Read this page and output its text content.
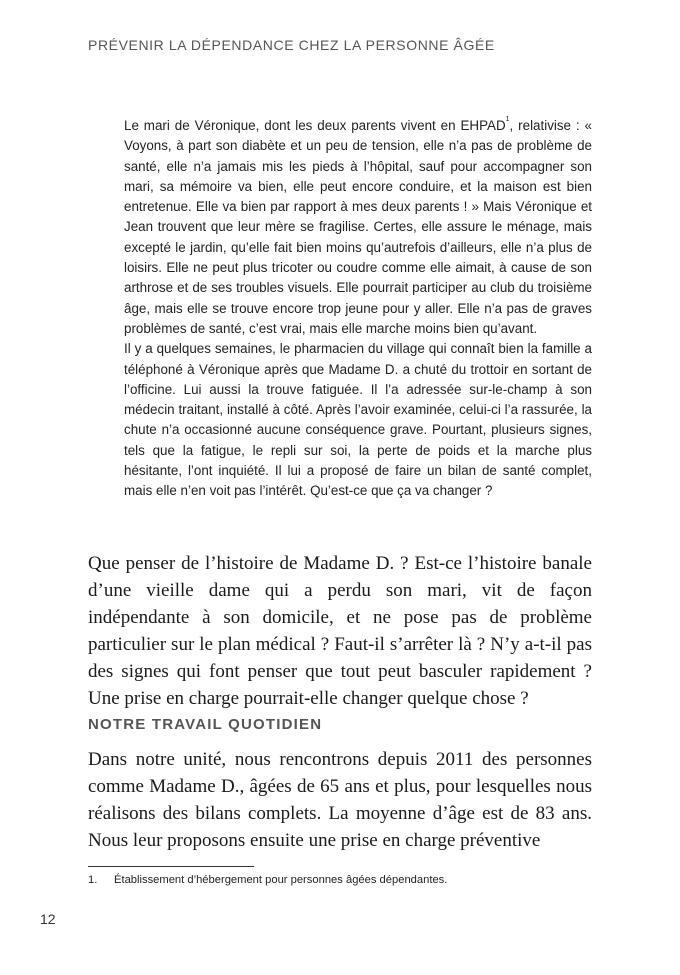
PRÉVENIR LA DÉPENDANCE CHEZ LA PERSONNE ÂGÉE

Le mari de Véronique, dont les deux parents vivent en EHPAD$^1$, relativise : « Voyons, à part son diabète et un peu de tension, elle n’a pas de problème de santé, elle n’a jamais mis les pieds à l’hôpital, sauf pour accompagner son mari, sa mémoire va bien, elle peut encore conduire, et la maison est bien entretenue. Elle va bien par rapport à mes deux parents ! » Mais Véronique et Jean trouvent que leur mère se fragilise. Certes, elle assure le ménage, mais excepté le jardin, qu’elle fait bien moins qu’autrefois d’ailleurs, elle n’a plus de loisirs. Elle ne peut plus tricoter ou coudre comme elle aimait, à cause de son arthrose et de ses troubles visuels. Elle pourrait participer au club du troisième âge, mais elle se trouve encore trop jeune pour y aller. Elle n’a pas de graves problèmes de santé, c’est vrai, mais elle marche moins bien qu’avant.

Il y a quelques semaines, le pharmacien du village qui connaît bien la famille a téléphoné à Véronique après que Madame D. a chuté du trottoir en sortant de l’officine. Lui aussi la trouve fatiguée. Il l’a adressée sur-le-champ à son médecin traitant, installé à côté. Après l’avoir examinée, celui-ci l’a rassurée, la chute n’a occasionné aucune conséquence grave. Pourtant, plusieurs signes, tels que la fatigue, le repli sur soi, la perte de poids et la marche plus hésitante, l’ont inquiété. Il lui a proposé de faire un bilan de santé complet, mais elle n’en voit pas l’intérêt. Qu’est-ce que ça va changer ?

Que penser de l’histoire de Madame D. ? Est-ce l’histoire banale d’une vieille dame qui a perdu son mari, vit de façon indépendante à son domicile, et ne pose pas de problème particulier sur le plan médical ? Faut-il s’arrêter là ? N’y a-t-il pas des signes qui font penser que tout peut basculer rapidement ? Une prise en charge pourrait-elle changer quelque chose ?

NOTRE TRAVAIL QUOTIDIEN

Dans notre unité, nous rencontrons depuis 2011 des personnes comme Madame D., âgées de 65 ans et plus, pour lesquelles nous réalisons des bilans complets. La moyenne d’âge est de 83 ans. Nous leur proposons ensuite une prise en charge préventive

1. Établissement d’hébergement pour personnes âgées dépendantes.
12
